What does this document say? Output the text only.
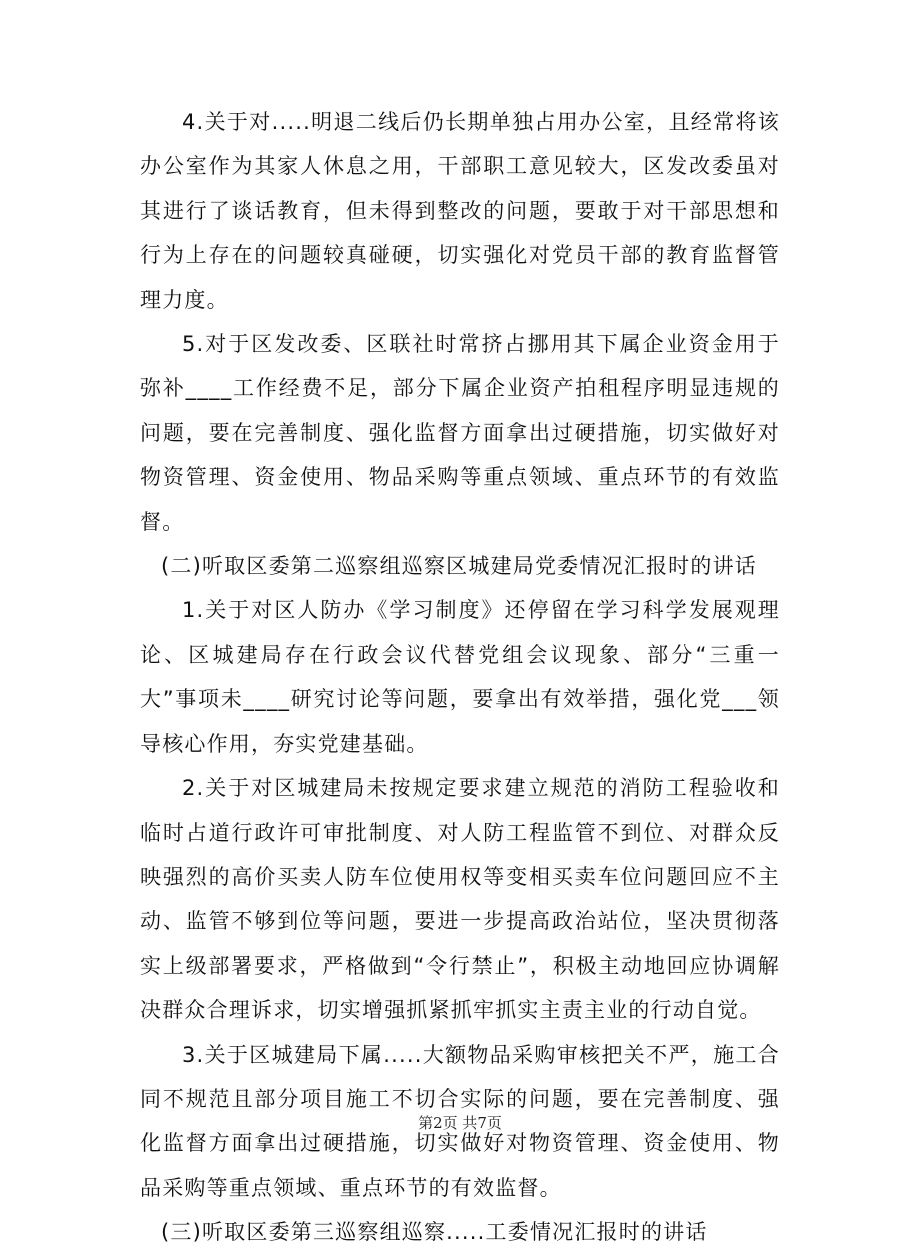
4.关于对.....明退二线后仍长期单独占用办公室，且经常将该办公室作为其家人休息之用，干部职工意见较大，区发改委虽对其进行了谈话教育，但未得到整改的问题，要敢于对干部思想和行为上存在的问题较真碰硬，切实强化对党员干部的教育监督管理力度。

5.对于区发改委、区联社时常挤占挪用其下属企业资金用于弥补____工作经费不足，部分下属企业资产拍租程序明显违规的问题，要在完善制度、强化监督方面拿出过硬措施，切实做好对物资管理、资金使用、物品采购等重点领域、重点环节的有效监督。

(二)听取区委第二巡察组巡察区城建局党委情况汇报时的讲话

1.关于对区人防办《学习制度》还停留在学习科学发展观理论、区城建局存在行政会议代替党组会议现象、部分“三重一大”事项未____研究讨论等问题，要拿出有效举措，强化党___领导核心作用，夯实党建基础。

2.关于对区城建局未按规定要求建立规范的消防工程验收和临时占道行政许可审批制度、对人防工程监管不到位、对群众反映强烈的高价买卖人防车位使用权等变相买卖车位问题回应不主动、监管不够到位等问题，要进一步提高政治站位，坚决贯彻落实上级部署要求，严格做到“令行禁止”，积极主动地回应协调解决群众合理诉求，切实增强抓紧抓牢抓实主责主业的行动自觉。

3.关于区城建局下属.....大额物品采购审核把关不严，施工合同不规范且部分项目施工不切合实际的问题，要在完善制度、强化监督方面拿出过硬措施，切实做好对物资管理、资金使用、物品采购等重点领域、重点环节的有效监督。

(三)听取区委第三巡察组巡察.....工委情况汇报时的讲话

第2页 共7页
